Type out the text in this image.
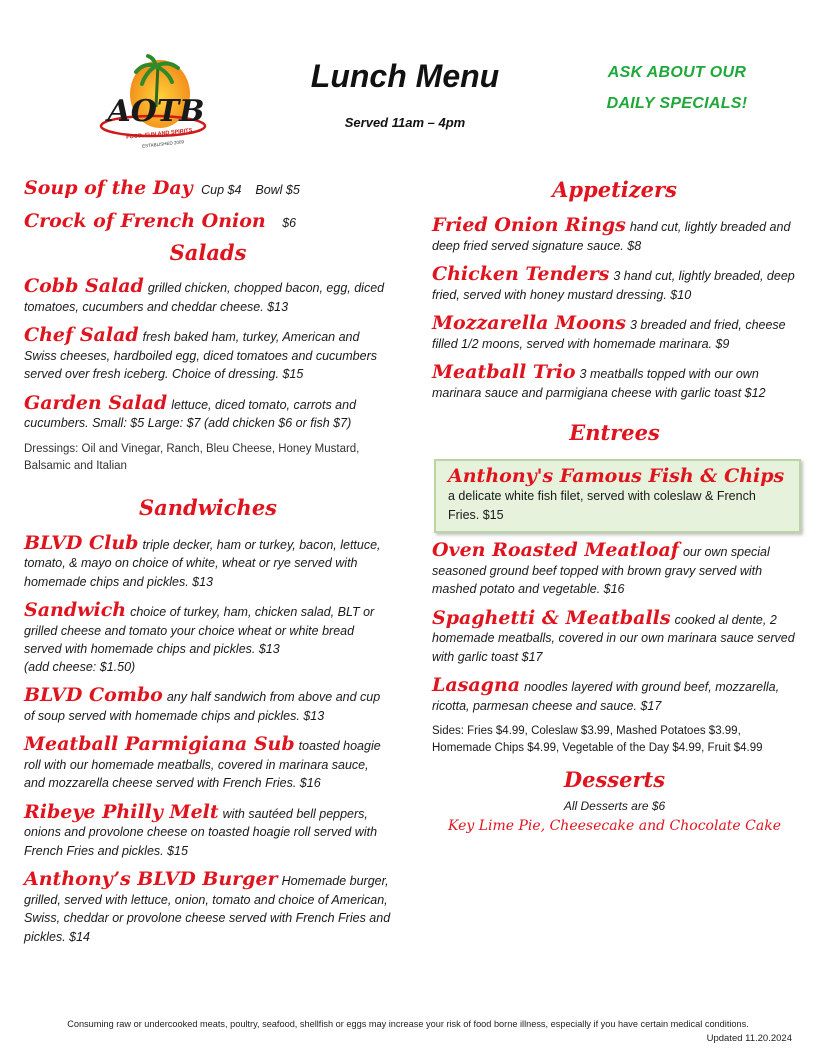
AOTB
FOOD, FUN AND SPIRITS
ESTABLISHED 2009
Lunch Menu
Served 11am – 4pm
ASK ABOUT OUR
DAILY SPECIALS!
Soup of the Day Cup $4    Bowl $5
Crock of French Onion $6
Salads
Cobb Salad grilled chicken, chopped bacon, egg, diced tomatoes, cucumbers and cheddar cheese. $13
Chef Salad fresh baked ham, turkey, American and Swiss cheeses, hardboiled egg, diced tomatoes and cucumbers served over fresh iceberg. Choice of dressing. $15
Garden Salad lettuce, diced tomato, carrots and cucumbers. Small: $5 Large: $7 (add chicken $6 or fish $7)
Dressings: Oil and Vinegar, Ranch, Bleu Cheese, Honey Mustard, Balsamic and Italian
Sandwiches
BLVD Club triple decker, ham or turkey, bacon, lettuce, tomato, & mayo on choice of white, wheat or rye served with homemade chips and pickles. $13
Sandwich choice of turkey, ham, chicken salad, BLT or grilled cheese and tomato your choice wheat or white bread served with homemade chips and pickles. $13
(add cheese: $1.50)
BLVD Combo any half sandwich from above and cup of soup served with homemade chips and pickles. $13
Meatball Parmigiana Sub toasted hoagie roll with our homemade meatballs, covered in marinara sauce, and mozzarella cheese served with French Fries. $16
Ribeye Philly Melt with sautéed bell peppers, onions and provolone cheese on toasted hoagie roll served with French Fries and pickles. $15
Anthony’s BLVD Burger Homemade burger, grilled, served with lettuce, onion, tomato and choice of American, Swiss, cheddar or provolone cheese served with French Fries and pickles. $14
Appetizers
Fried Onion Rings hand cut, lightly breaded and deep fried served signature sauce. $8
Chicken Tenders 3 hand cut, lightly breaded, deep fried, served with honey mustard dressing. $10
Mozzarella Moons 3 breaded and fried, cheese filled 1/2 moons, served with homemade marinara. $9
Meatball Trio 3 meatballs topped with our own marinara sauce and parmigiana cheese with garlic toast $12
Entrees
Anthony's Famous Fish & Chips
a delicate white fish filet, served with coleslaw & French Fries. $15
Oven Roasted Meatloaf our own special seasoned ground beef topped with brown gravy served with mashed potato and vegetable. $16
Spaghetti & Meatballs cooked al dente, 2 homemade meatballs, covered in our own marinara sauce served with garlic toast $17
Lasagna noodles layered with ground beef, mozzarella, ricotta, parmesan cheese and sauce. $17
Sides: Fries $4.99, Coleslaw $3.99, Mashed Potatoes $3.99, Homemade Chips $4.99, Vegetable of the Day $4.99, Fruit $4.99
Desserts
All Desserts are $6
Key Lime Pie, Cheesecake and Chocolate Cake
Consuming raw or undercooked meats, poultry, seafood, shellfish or eggs may increase your risk of food borne illness, especially if you have certain medical conditions.
Updated 11.20.2024
